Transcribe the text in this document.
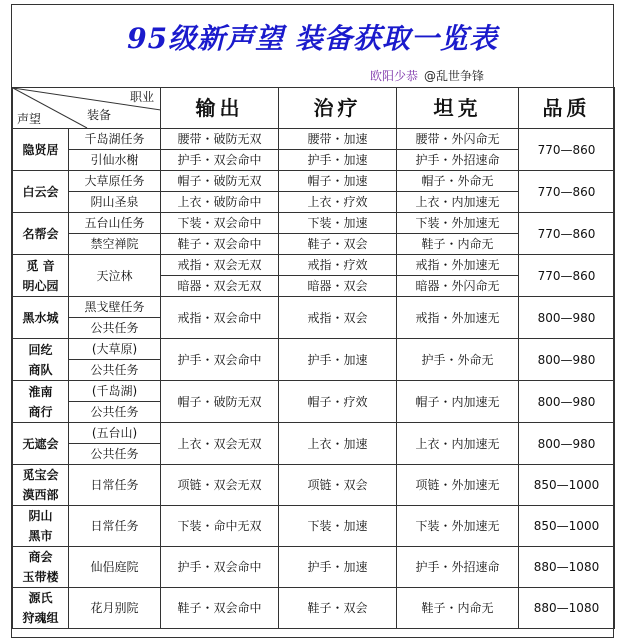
95级新声望 装备获取一览表
欧阳少恭 @乱世争锋
职业
装备
声望		输出	治疗	坦克	品质
隐贤居	千岛湖任务	腰带・破防无双	腰带・加速	腰带・外闪命无	770—860
	引仙水榭	护手・双会命中	护手・加速	护手・外招速命	
白云会	大草原任务	帽子・破防无双	帽子・加速	帽子・外命无	770—860
	阴山圣泉	上衣・破防命中	上衣・疗效	上衣・内加速无	
名帮会	五台山任务	下装・双会命中	下装・加速	下装・外加速无	770—860
	禁空禅院	鞋子・双会命中	鞋子・双会	鞋子・内命无	
觅 音
明心园	天泣林	戒指・双会无双	戒指・疗效	戒指・外加速无	770—860
		暗器・双会无双	暗器・双会	暗器・外闪命无	
黑水城	黑戈壁任务	戒指・双会命中	戒指・双会	戒指・外加速无	800—980
	公共任务				
回纥
商队	(大草原)	护手・双会命中	护手・加速	护手・外命无	800—980
	公共任务				
淮南
商行	(千岛湖)	帽子・破防无双	帽子・疗效	帽子・内加速无	800—980
	公共任务				
无遮会	(五台山)	上衣・双会无双	上衣・加速	上衣・内加速无	800—980
	公共任务				
觅宝会
漠西部	日常任务	项链・双会无双	项链・双会	项链・外加速无	850—1000

阴山
黑市	日常任务	下装・命中无双	下装・加速	下装・外加速无	850—1000

商会
玉带楼	仙侣庭院	护手・双会命中	护手・加速	护手・外招速命	880—1080

源氏
狩魂组	花月别院	鞋子・双会命中	鞋子・双会	鞋子・内命无	880—1080
